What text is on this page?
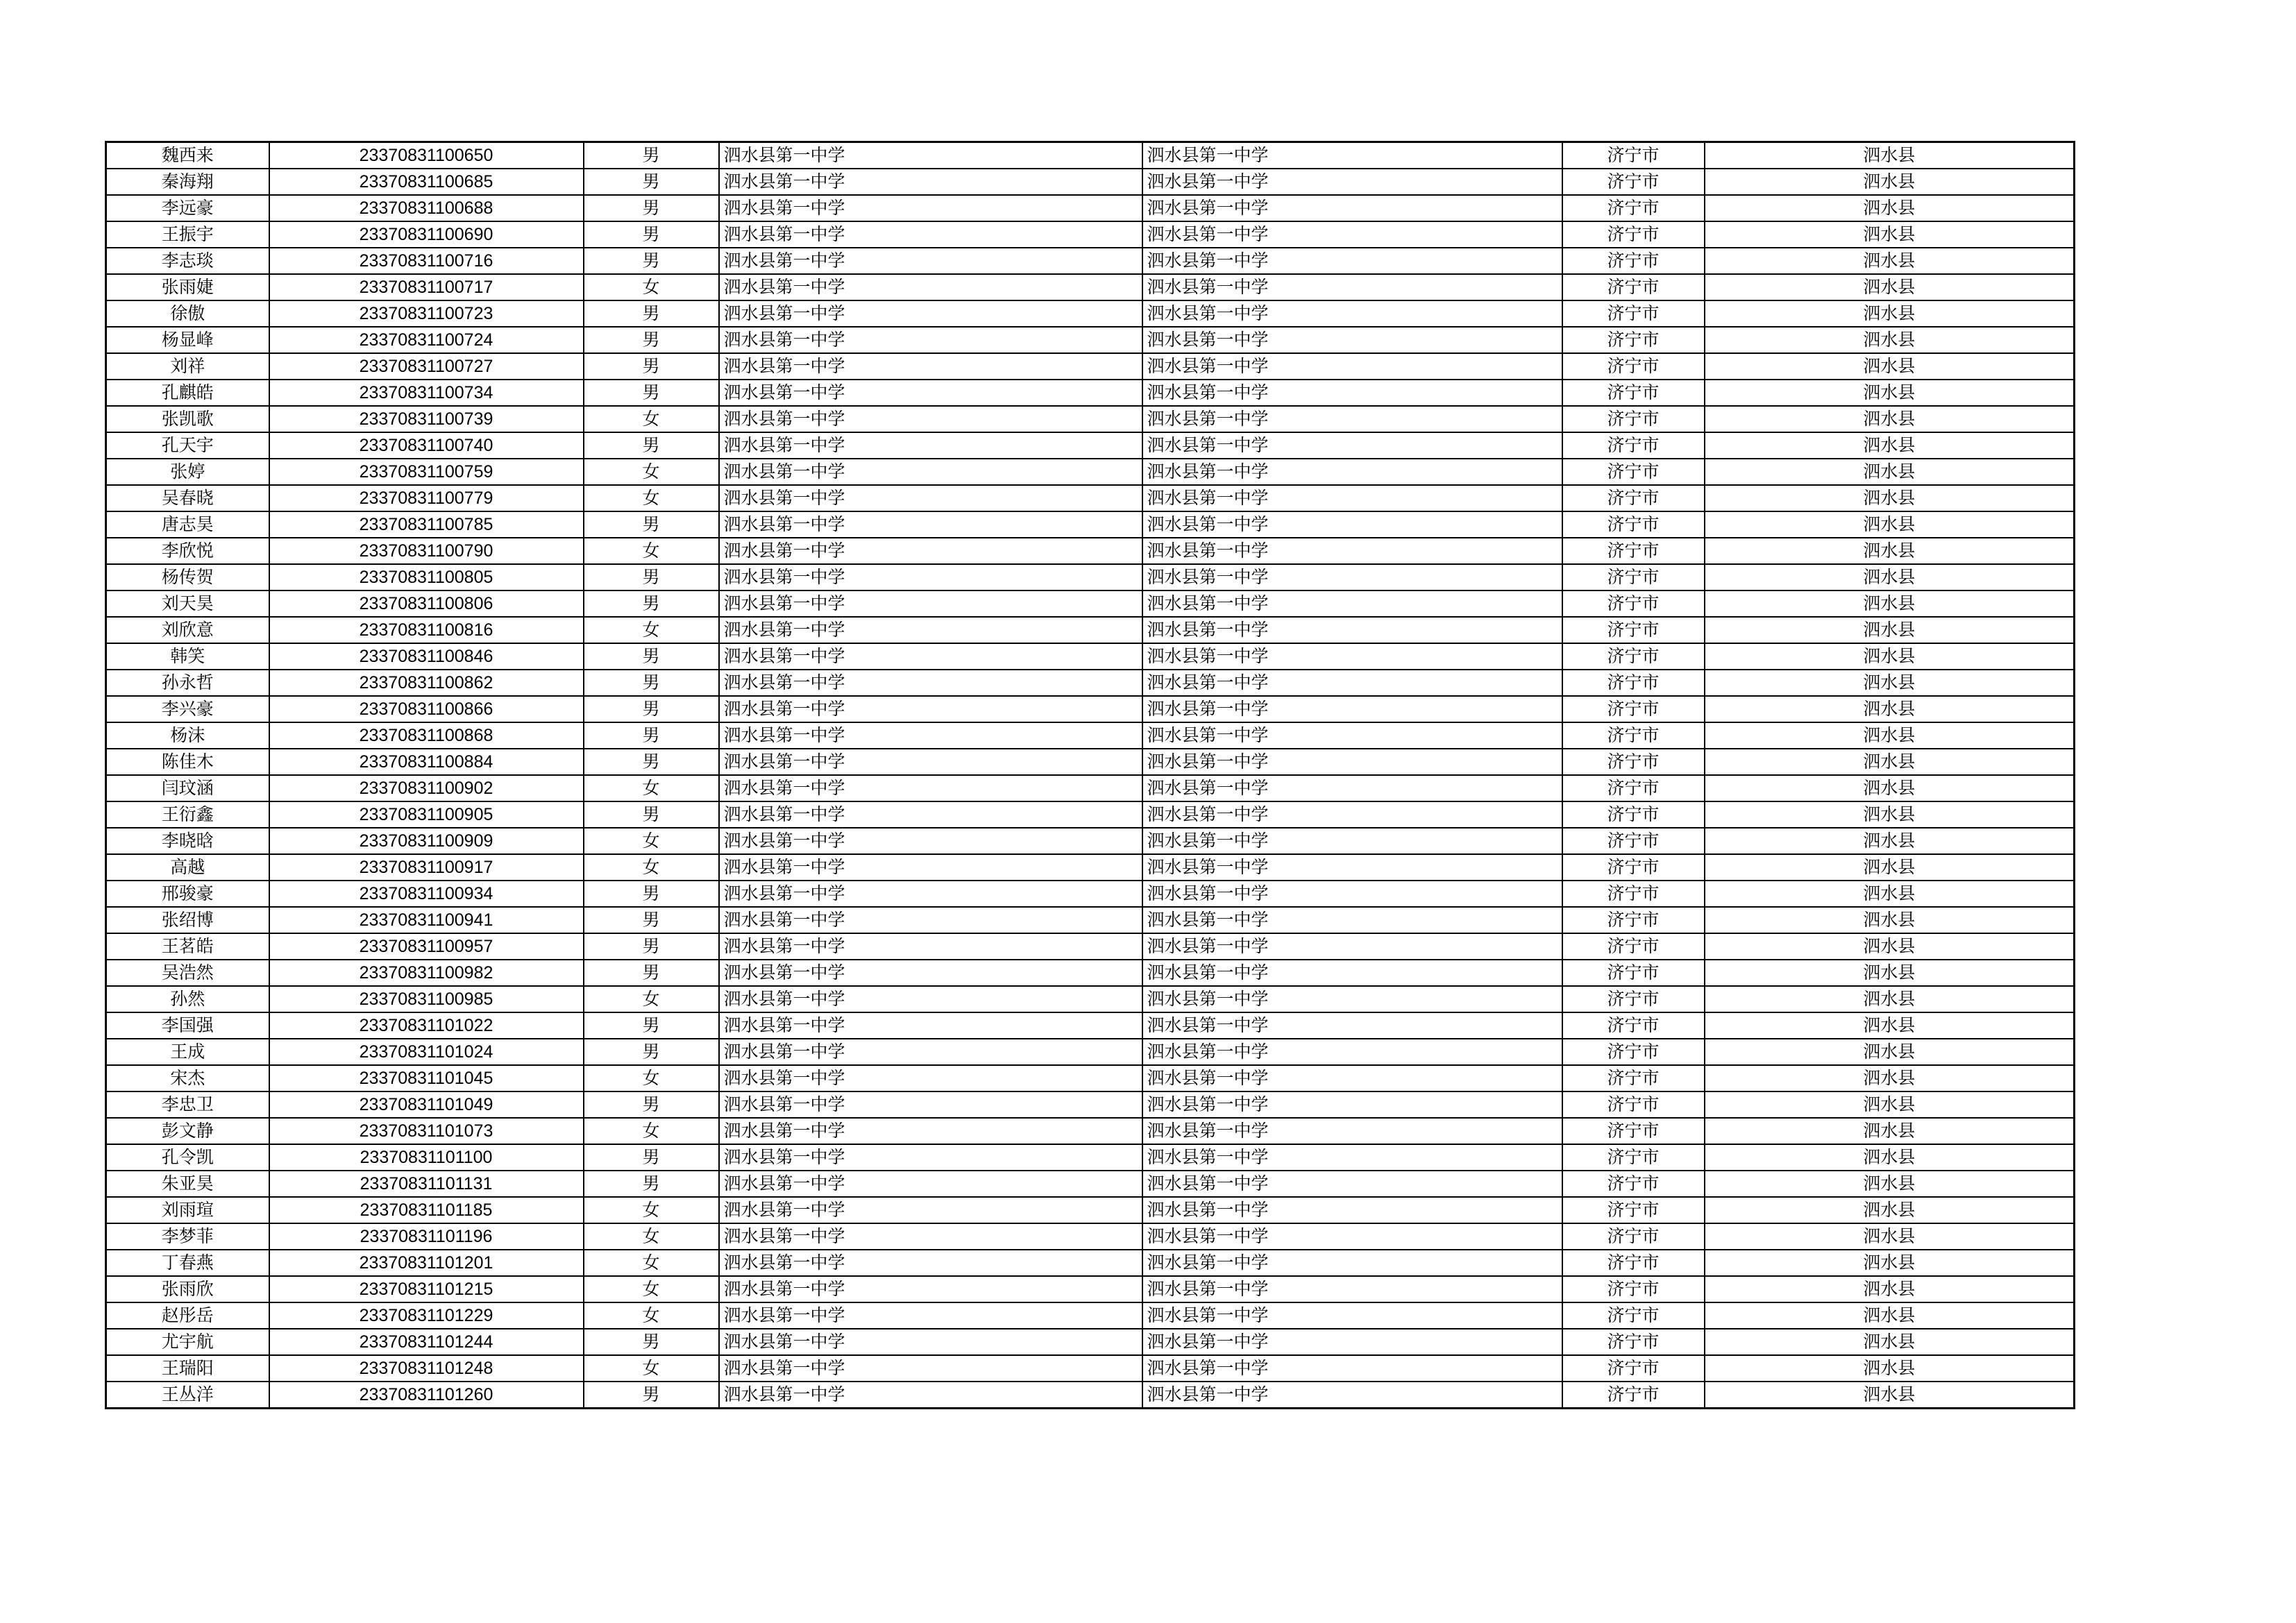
魏西来	23370831100650	男	泗水县第一中学	泗水县第一中学	济宁市	泗水县
秦海翔	23370831100685	男	泗水县第一中学	泗水县第一中学	济宁市	泗水县
李远豪	23370831100688	男	泗水县第一中学	泗水县第一中学	济宁市	泗水县
王振宇	23370831100690	男	泗水县第一中学	泗水县第一中学	济宁市	泗水县
李志琰	23370831100716	男	泗水县第一中学	泗水县第一中学	济宁市	泗水县
张雨婕	23370831100717	女	泗水县第一中学	泗水县第一中学	济宁市	泗水县
徐傲	23370831100723	男	泗水县第一中学	泗水县第一中学	济宁市	泗水县
杨显峰	23370831100724	男	泗水县第一中学	泗水县第一中学	济宁市	泗水县
刘祥	23370831100727	男	泗水县第一中学	泗水县第一中学	济宁市	泗水县
孔麒皓	23370831100734	男	泗水县第一中学	泗水县第一中学	济宁市	泗水县
张凯歌	23370831100739	女	泗水县第一中学	泗水县第一中学	济宁市	泗水县
孔天宇	23370831100740	男	泗水县第一中学	泗水县第一中学	济宁市	泗水县
张婷	23370831100759	女	泗水县第一中学	泗水县第一中学	济宁市	泗水县
吴春晓	23370831100779	女	泗水县第一中学	泗水县第一中学	济宁市	泗水县
唐志昊	23370831100785	男	泗水县第一中学	泗水县第一中学	济宁市	泗水县
李欣悦	23370831100790	女	泗水县第一中学	泗水县第一中学	济宁市	泗水县
杨传贺	23370831100805	男	泗水县第一中学	泗水县第一中学	济宁市	泗水县
刘天昊	23370831100806	男	泗水县第一中学	泗水县第一中学	济宁市	泗水县
刘欣意	23370831100816	女	泗水县第一中学	泗水县第一中学	济宁市	泗水县
韩笑	23370831100846	男	泗水县第一中学	泗水县第一中学	济宁市	泗水县
孙永哲	23370831100862	男	泗水县第一中学	泗水县第一中学	济宁市	泗水县
李兴豪	23370831100866	男	泗水县第一中学	泗水县第一中学	济宁市	泗水县
杨沫	23370831100868	男	泗水县第一中学	泗水县第一中学	济宁市	泗水县
陈佳木	23370831100884	男	泗水县第一中学	泗水县第一中学	济宁市	泗水县
闫玟涵	23370831100902	女	泗水县第一中学	泗水县第一中学	济宁市	泗水县
王衍鑫	23370831100905	男	泗水县第一中学	泗水县第一中学	济宁市	泗水县
李晓晗	23370831100909	女	泗水县第一中学	泗水县第一中学	济宁市	泗水县
高越	23370831100917	女	泗水县第一中学	泗水县第一中学	济宁市	泗水县
邢骏豪	23370831100934	男	泗水县第一中学	泗水县第一中学	济宁市	泗水县
张绍博	23370831100941	男	泗水县第一中学	泗水县第一中学	济宁市	泗水县
王茗皓	23370831100957	男	泗水县第一中学	泗水县第一中学	济宁市	泗水县
吴浩然	23370831100982	男	泗水县第一中学	泗水县第一中学	济宁市	泗水县
孙然	23370831100985	女	泗水县第一中学	泗水县第一中学	济宁市	泗水县
李国强	23370831101022	男	泗水县第一中学	泗水县第一中学	济宁市	泗水县
王成	23370831101024	男	泗水县第一中学	泗水县第一中学	济宁市	泗水县
宋杰	23370831101045	女	泗水县第一中学	泗水县第一中学	济宁市	泗水县
李忠卫	23370831101049	男	泗水县第一中学	泗水县第一中学	济宁市	泗水县
彭文静	23370831101073	女	泗水县第一中学	泗水县第一中学	济宁市	泗水县
孔令凯	23370831101100	男	泗水县第一中学	泗水县第一中学	济宁市	泗水县
朱亚昊	23370831101131	男	泗水县第一中学	泗水县第一中学	济宁市	泗水县
刘雨瑄	23370831101185	女	泗水县第一中学	泗水县第一中学	济宁市	泗水县
李梦菲	23370831101196	女	泗水县第一中学	泗水县第一中学	济宁市	泗水县
丁春燕	23370831101201	女	泗水县第一中学	泗水县第一中学	济宁市	泗水县
张雨欣	23370831101215	女	泗水县第一中学	泗水县第一中学	济宁市	泗水县
赵彤岳	23370831101229	女	泗水县第一中学	泗水县第一中学	济宁市	泗水县
尤宇航	23370831101244	男	泗水县第一中学	泗水县第一中学	济宁市	泗水县
王瑞阳	23370831101248	女	泗水县第一中学	泗水县第一中学	济宁市	泗水县
王丛洋	23370831101260	男	泗水县第一中学	泗水县第一中学	济宁市	泗水县
